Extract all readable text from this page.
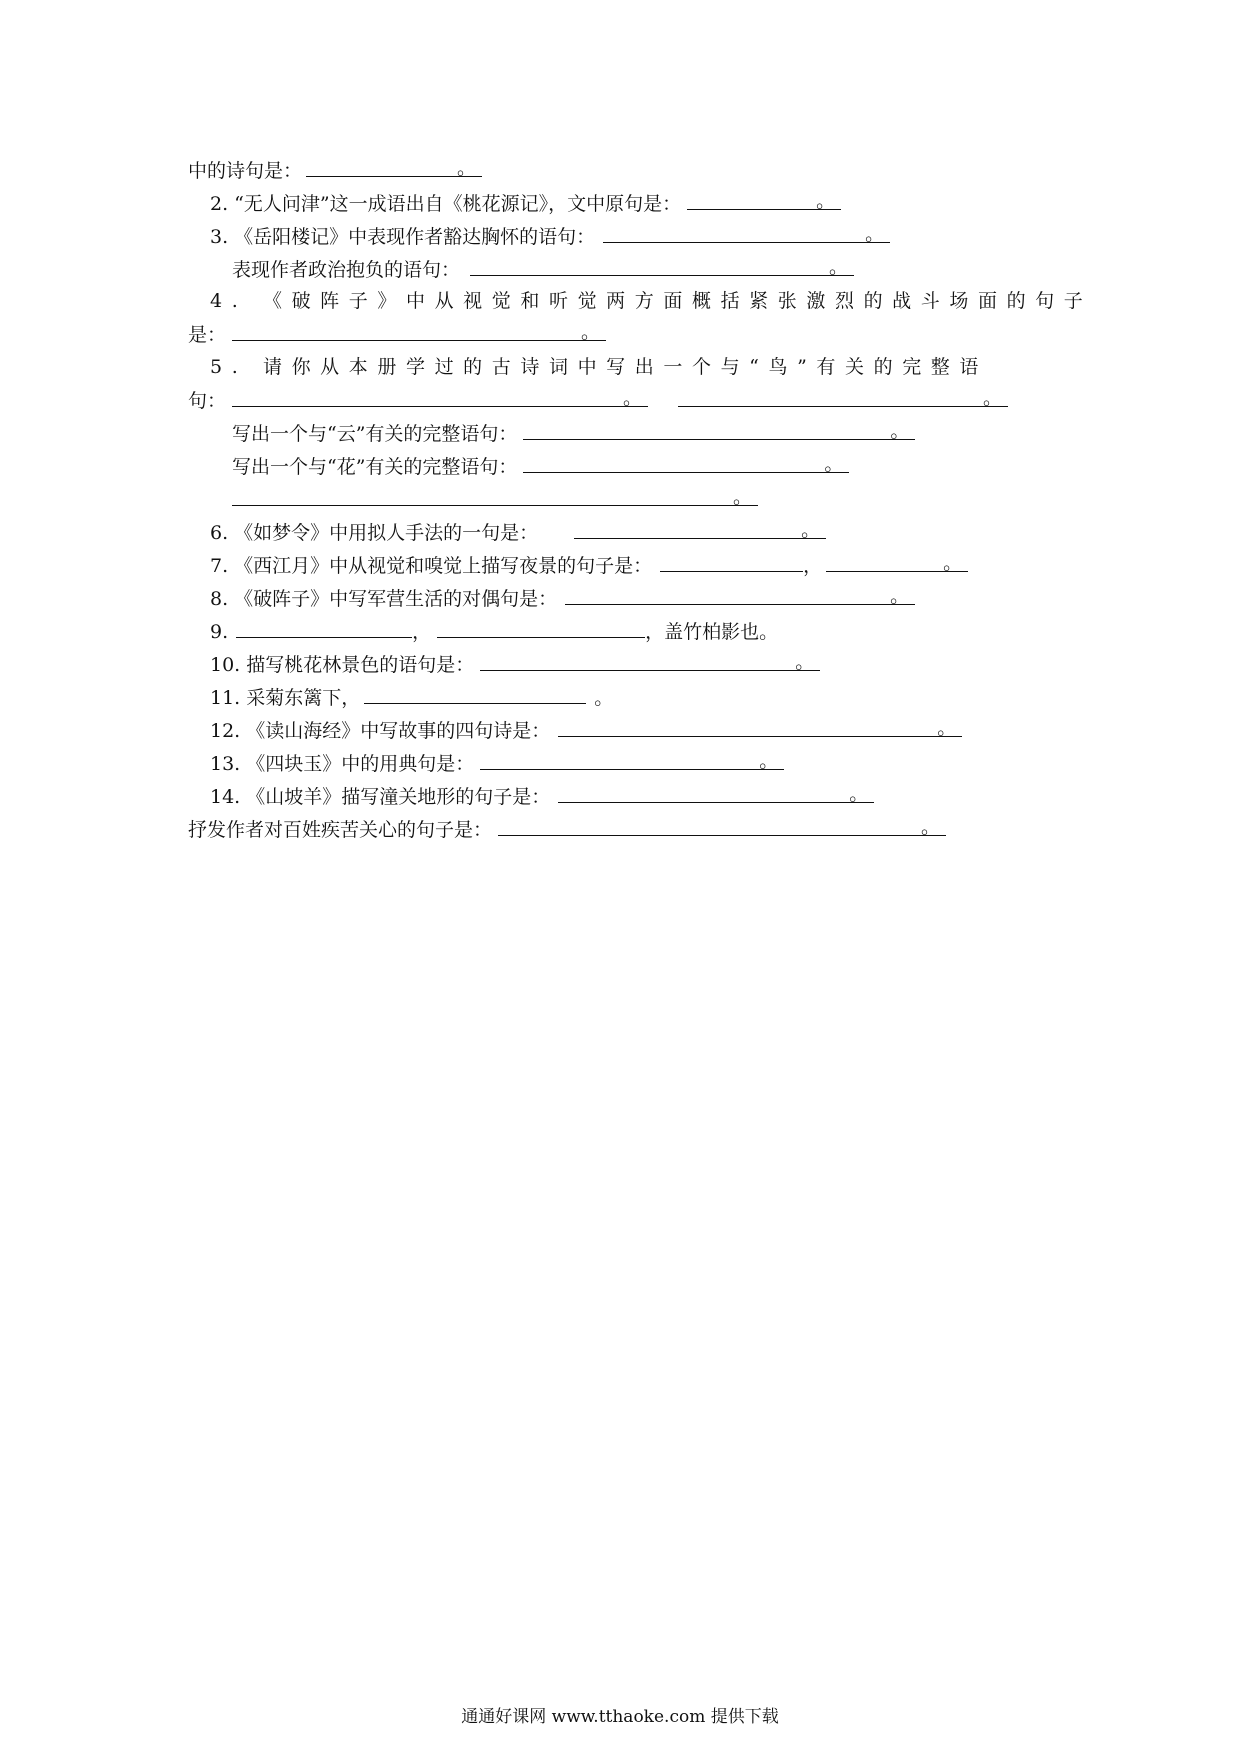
中的诗句是：	。
2. “无人问津”这一成语出自《桃花源记》，文中原句是：	。
3. 《岳阳楼记》中表现作者豁达胸怀的语句：	。
表现作者政治抱负的语句：	。
4. 《破阵子》中从视觉和听觉两方面概括紧张激烈的战斗场面的句子
是：	。
5. 请你从本册学过的古诗词中写出一个与“鸟”有关的完整语
句：	。	。
写出一个与“云”有关的完整语句：	。
写出一个与“花”有关的完整语句：	。
。
6. 《如梦令》中用拟人手法的一句是：	。
7. 《西江月》中从视觉和嗅觉上描写夜景的句子是：	，	。
8. 《破阵子》中写军营生活的对偶句是：	。
9.	，	，盖竹柏影也。
10. 描写桃花林景色的语句是：	。
11. 采菊东篱下，	。
12. 《读山海经》中写故事的四句诗是：	。
13. 《四块玉》中的用典句是：	。
14. 《山坡羊》描写潼关地形的句子是：	。
抒发作者对百姓疾苦关心的句子是：	。
通通好课网 www.tthaoke.com 提供下载
